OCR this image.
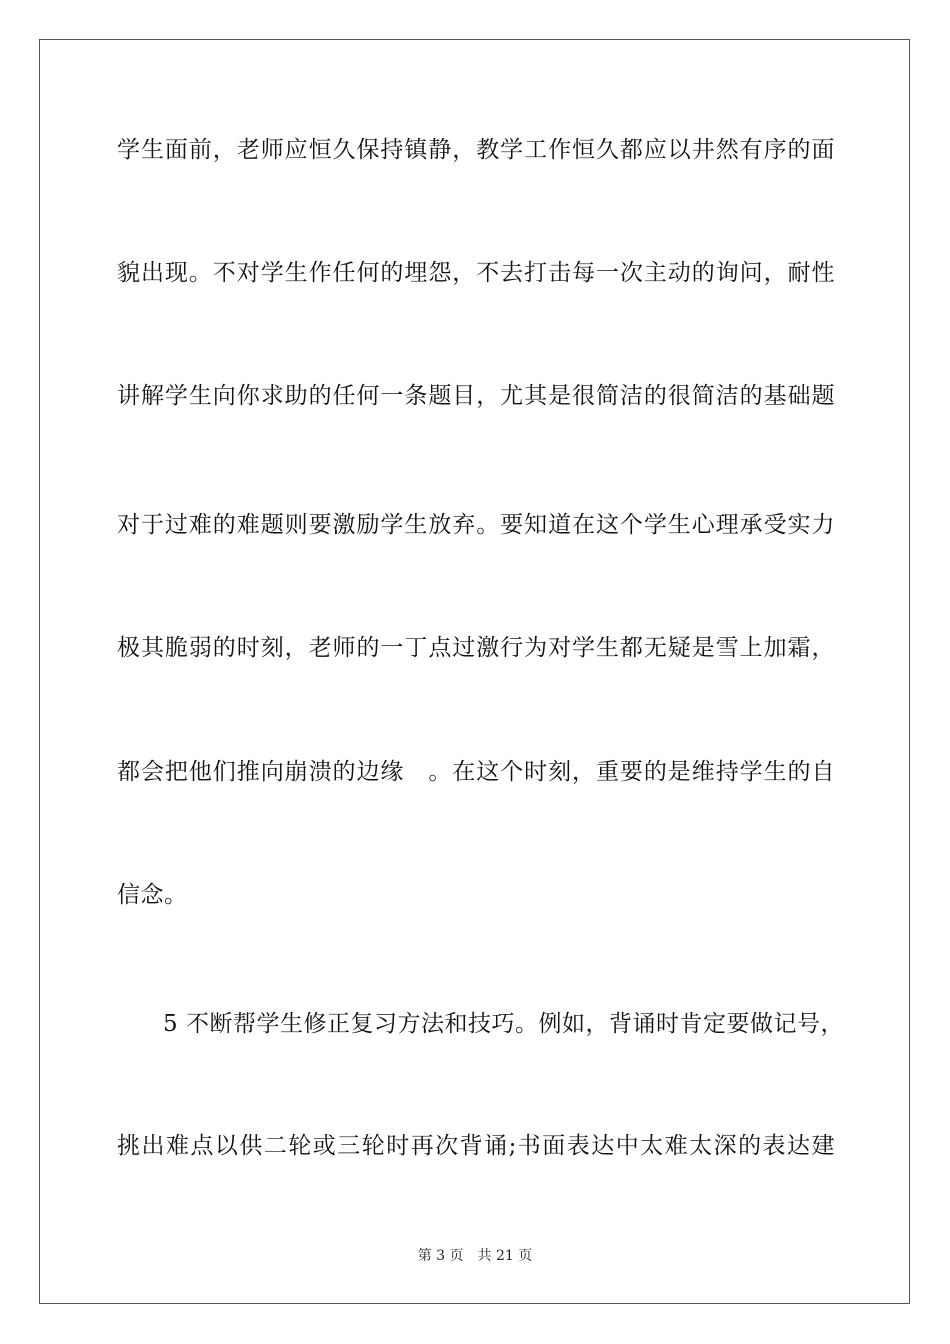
学生面前，老师应恒久保持镇静，教学工作恒久都应以井然有序的面
貌出现。不对学生作任何的埋怨，不去打击每一次主动的询问，耐性
讲解学生向你求助的任何一条题目，尤其是很简洁的很简洁的基础题
对于过难的难题则要激励学生放弃。要知道在这个学生心理承受实力
极其脆弱的时刻，老师的一丁点过激行为对学生都无疑是雪上加霜，
都会把他们推向崩溃的边缘　。在这个时刻，重要的是维持学生的自
信念。
5 不断帮学生修正复习方法和技巧。例如，背诵时肯定要做记号，
挑出难点以供二轮或三轮时再次背诵;书面表达中太难太深的表达建
第 3 页 共 21 页
